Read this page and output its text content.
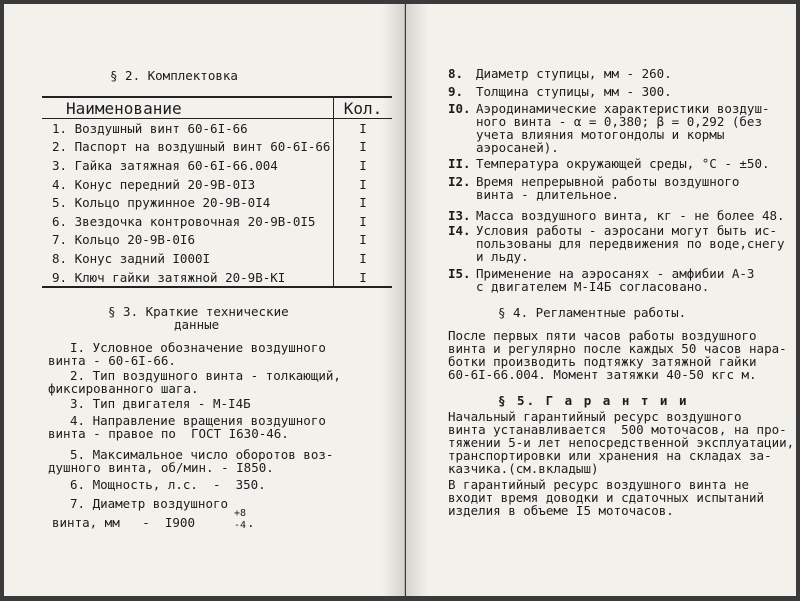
§ 2. Комплектовка
Наименование	Кол.
1. Воздушный винт 60-6I-66	I
2. Паспорт на воздушный винт 60-6I-66	I
3. Гайка затяжная 60-6I-66.004	I
4. Конус передний 20-9В-0I3	I
5. Кольцо пружинное 20-9В-0I4	I
6. Звездочка контровочная 20-9В-0I5	I
7. Кольцо 20-9В-0I6	I
8. Конус задний I000I	I
9. Ключ гайки затяжной 20-9В-КI	I
§ 3. Краткие технические
данные
I. Условное обозначение воздушного
винта - 60-6I-66.
2. Тип воздушного винта - толкающий,
фиксированного шага.
3. Тип двигателя - М-I4Б
4. Направление вращения воздушного
винта - правое по  ГОСТ I630-46.
5. Максимальное число оборотов воз-
душного винта, об/мин. - I850.
6. Мощность, л.с.  -  350.
7. Диаметр воздушного
винта, мм   -  I900
+8
-4 .
8. Диаметр ступицы, мм - 260.
9. Толщина ступицы, мм - 300.
I0. Аэродинамические характеристики воздуш-
ного винта - α = 0,380; β = 0,292 (без
учета влияния мотогондолы и кормы
аэросаней).
II. Температура окружающей среды, °С - ±50.
I2. Время непрерывной работы воздушного
винта - длительное.
I3. Масса воздушного винта, кг - не более 48.
I4. Условия работы - аэросани могут быть ис-
пользованы для передвижения по воде,снегу
и льду.
I5. Применение на аэросанях - амфибии А-3
с двигателем М-I4Б согласовано.
§ 4. Регламентные работы.
После первых пяти часов работы воздушного
винта и регулярно после каждых 50 часов нара-
ботки производить подтяжку затяжной гайки
60-6I-66.004. Момент затяжки 40-50 кгс м.
§ 5. Г а р а н т и и
Начальный гарантийный ресурс воздушного
винта устанавливается  500 моточасов, на про-
тяжении 5-и лет непосредственной эксплуатации,
транспортировки или хранения на складах за-
казчика.(см.вкладыш)
В гарантийный ресурс воздушного винта не
входит время доводки и сдаточных испытаний
изделия в объеме I5 моточасов.
